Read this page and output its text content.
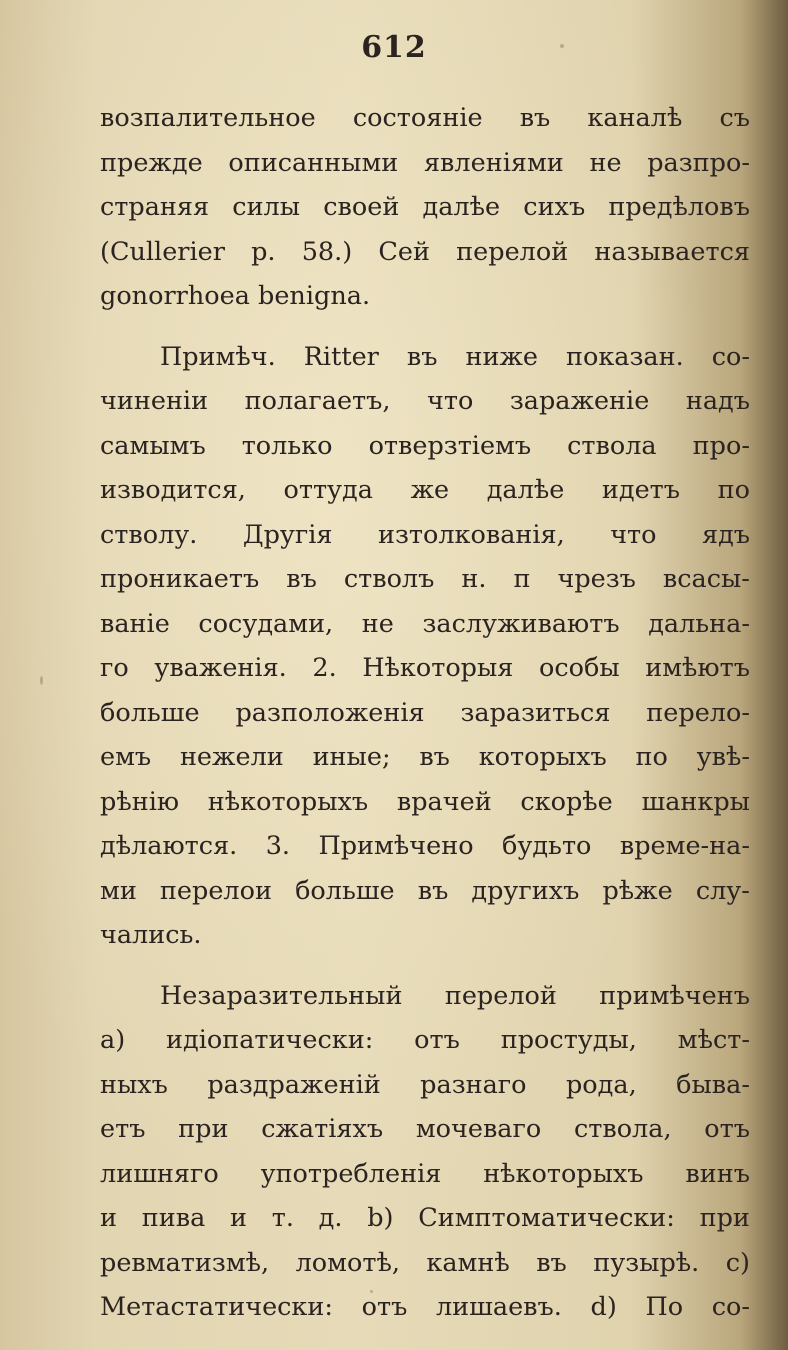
612
возпалительное состояніе въ каналѣ съ
прежде описанными явленіями не разпро-
страняя силы своей далѣе сихъ предѣловъ
(Cullerier p. 58.) Сей перелой называется
gonorrhoea benigna.
Примѣч. Ritter въ ниже показан. со-
чиненіи полагаетъ, что зараженіе надъ
самымъ только отверзтіемъ ствола про-
изводится, оттуда же далѣе идетъ по
стволу. Другія изтолкованія, что ядъ
проникаетъ въ стволъ н. п чрезъ всасы-
ваніе сосудами, не заслуживаютъ дальна-
го уваженія. 2. Нѣкоторыя особы имѣютъ
больше разположенія заразиться перело-
емъ нежели иные; въ которыхъ по увѣ-
рѣнію нѣкоторыхъ врачей скорѣе шанкры
дѣлаются. 3. Примѣчено будьто време-на-
ми перелои больше въ другихъ рѣже слу-
чались.
Незаразительный перелой примѣченъ
a) идіопатически: отъ простуды, мѣст-
ныхъ раздраженій разнаго рода, быва-
етъ при сжатіяхъ мочеваго ствола, отъ
лишняго употребленія нѣкоторыхъ винъ
и пива и т. д. b) Симптоматически: при
ревматизмѣ, ломотѣ, камнѣ въ пузырѣ. c)
Метастатически: отъ лишаевъ. d) По со-
